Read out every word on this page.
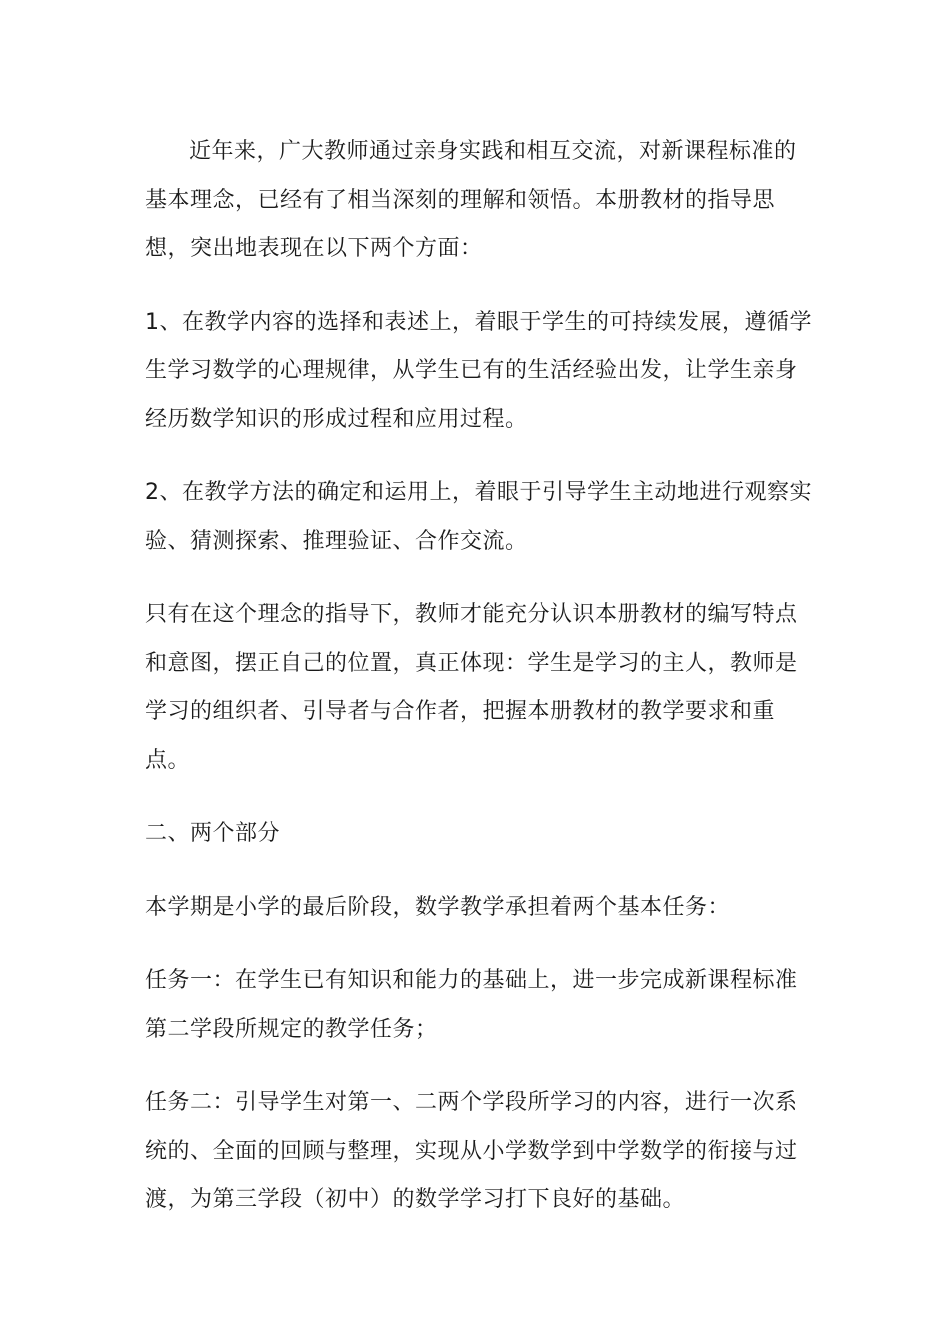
近年来，广大教师通过亲身实践和相互交流，对新课程标准的基本理念，已经有了相当深刻的理解和领悟。本册教材的指导思想，突出地表现在以下两个方面：

1、在教学内容的选择和表述上，着眼于学生的可持续发展，遵循学生学习数学的心理规律，从学生已有的生活经验出发，让学生亲身经历数学知识的形成过程和应用过程。

2、在教学方法的确定和运用上，着眼于引导学生主动地进行观察实验、猜测探索、推理验证、合作交流。

只有在这个理念的指导下，教师才能充分认识本册教材的编写特点和意图，摆正自己的位置，真正体现：学生是学习的主人，教师是学习的组织者、引导者与合作者，把握本册教材的教学要求和重点。

二、两个部分

本学期是小学的最后阶段，数学教学承担着两个基本任务：

任务一：在学生已有知识和能力的基础上，进一步完成新课程标准第二学段所规定的教学任务；

任务二：引导学生对第一、二两个学段所学习的内容，进行一次系统的、全面的回顾与整理，实现从小学数学到中学数学的衔接与过渡，为第三学段（初中）的数学学习打下良好的基础。
